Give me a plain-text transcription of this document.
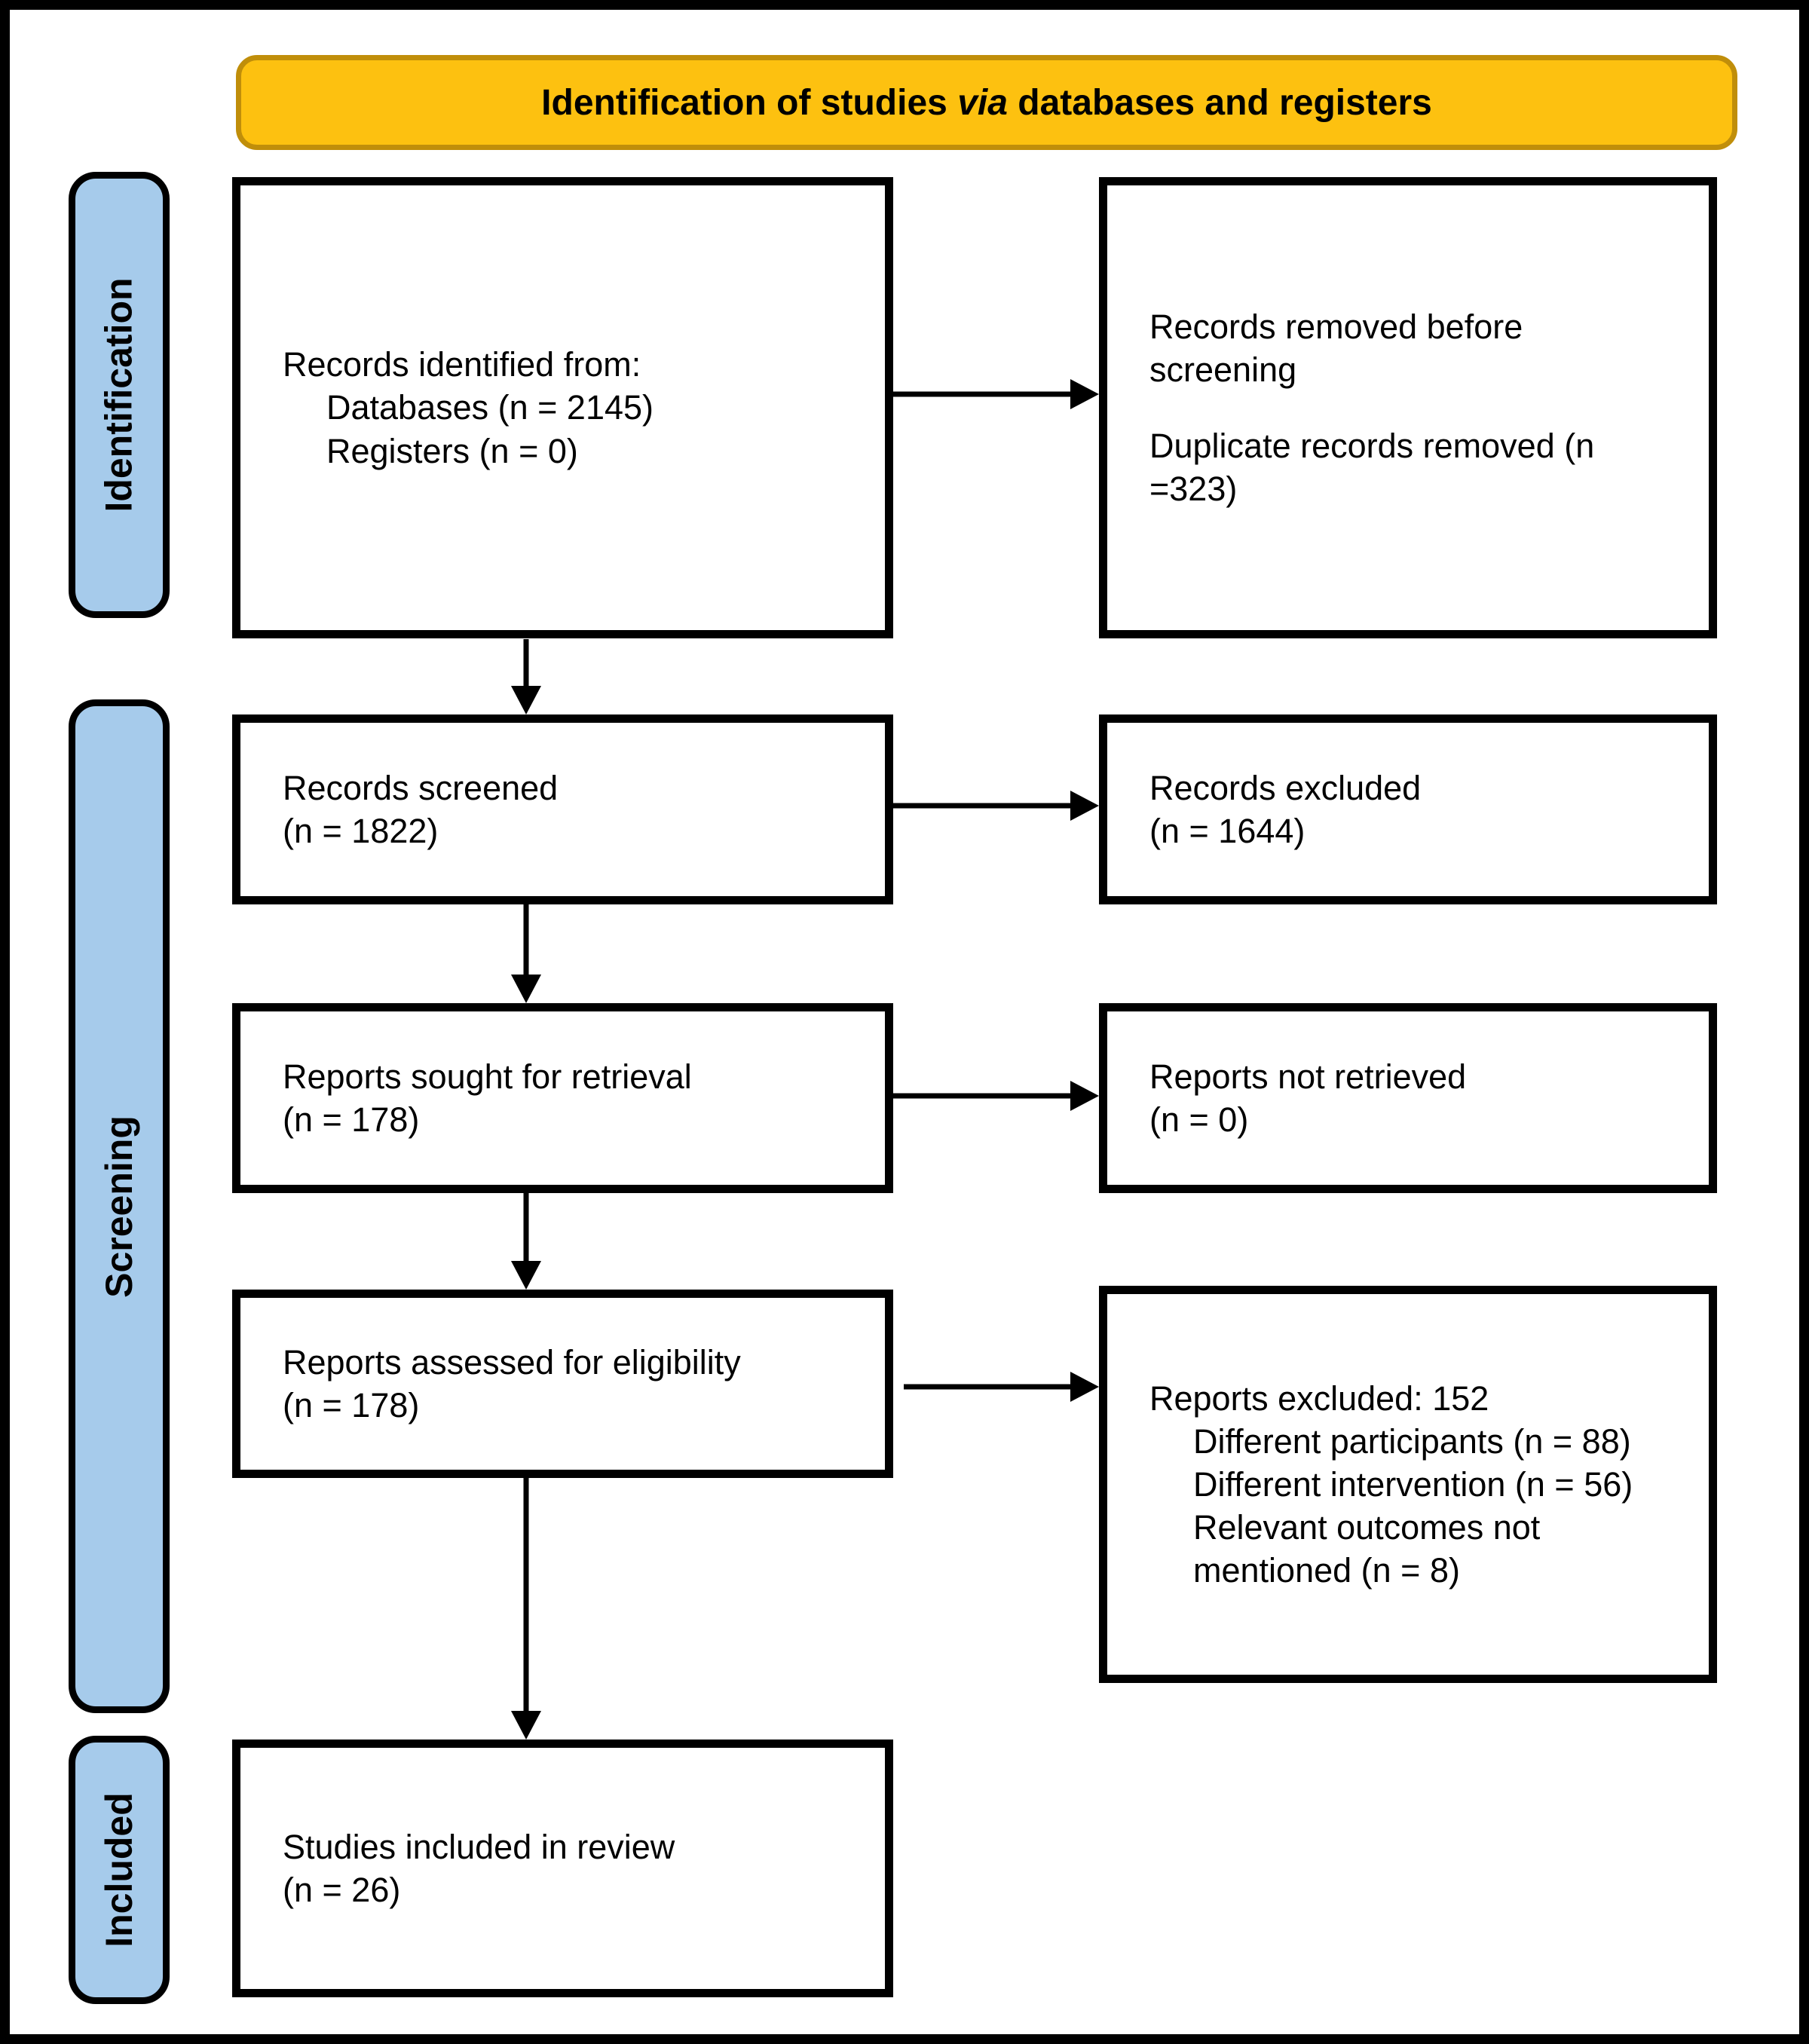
Identification of studies via databases and registers
Identification
Screening
Included
Records identified from:
Databases (n = 2145)
Registers (n = 0)
Records removed before screening
Duplicate records removed (n =323)
Records screened
(n = 1822)
Records excluded
(n = 1644)
Reports sought for retrieval
(n = 178)
Reports not retrieved
(n = 0)
Reports assessed for eligibility
(n = 178)	Reports excluded: 152
Different participants (n = 88)
Different intervention (n = 56)
Relevant outcomes not mentioned (n = 8)
Studies included in review
(n = 26)
